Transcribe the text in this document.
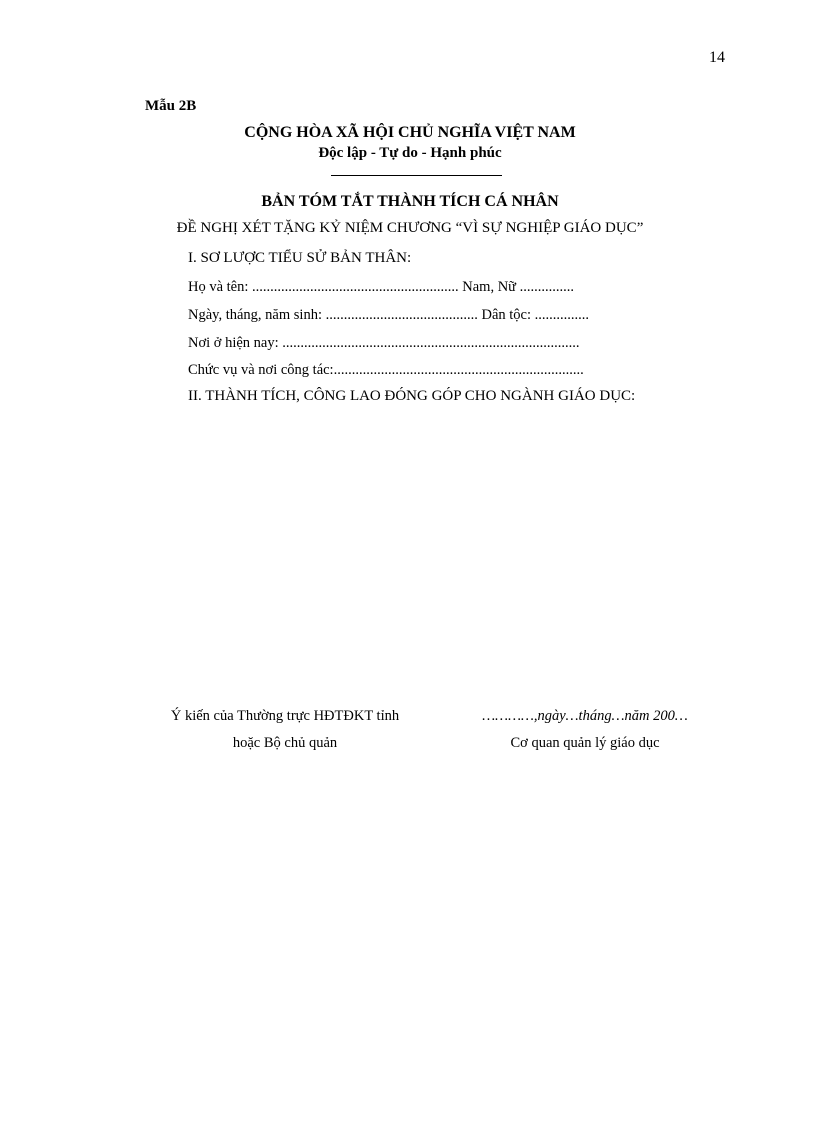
14
Mẫu 2B
CỘNG HÒA XÃ HỘI CHỦ NGHĨA VIỆT NAM
Độc lập - Tự do - Hạnh phúc
BẢN TÓM TẮT THÀNH TÍCH CÁ NHÂN
ĐỀ NGHỊ XÉT TẶNG KỶ NIỆM CHƯƠNG “VÌ SỰ NGHIỆP GIÁO DỤC”
I. SƠ LƯỢC TIỂU SỬ BẢN THÂN:
Họ và tên: ......................................................... Nam, Nữ ...............
Ngày, tháng, năm sinh: .......................................... Dân tộc: ...............
Nơi ở hiện nay: ..................................................................................
Chức vụ và nơi công tác:.....................................................................
II. THÀNH TÍCH, CÔNG LAO ĐÓNG GÓP CHO NGÀNH GIÁO DỤC:
Ý kiến của Thường trực HĐTĐKT tỉnh
hoặc Bộ chủ quản
…………,ngày…tháng…năm 200…
Cơ quan quản lý giáo dục
